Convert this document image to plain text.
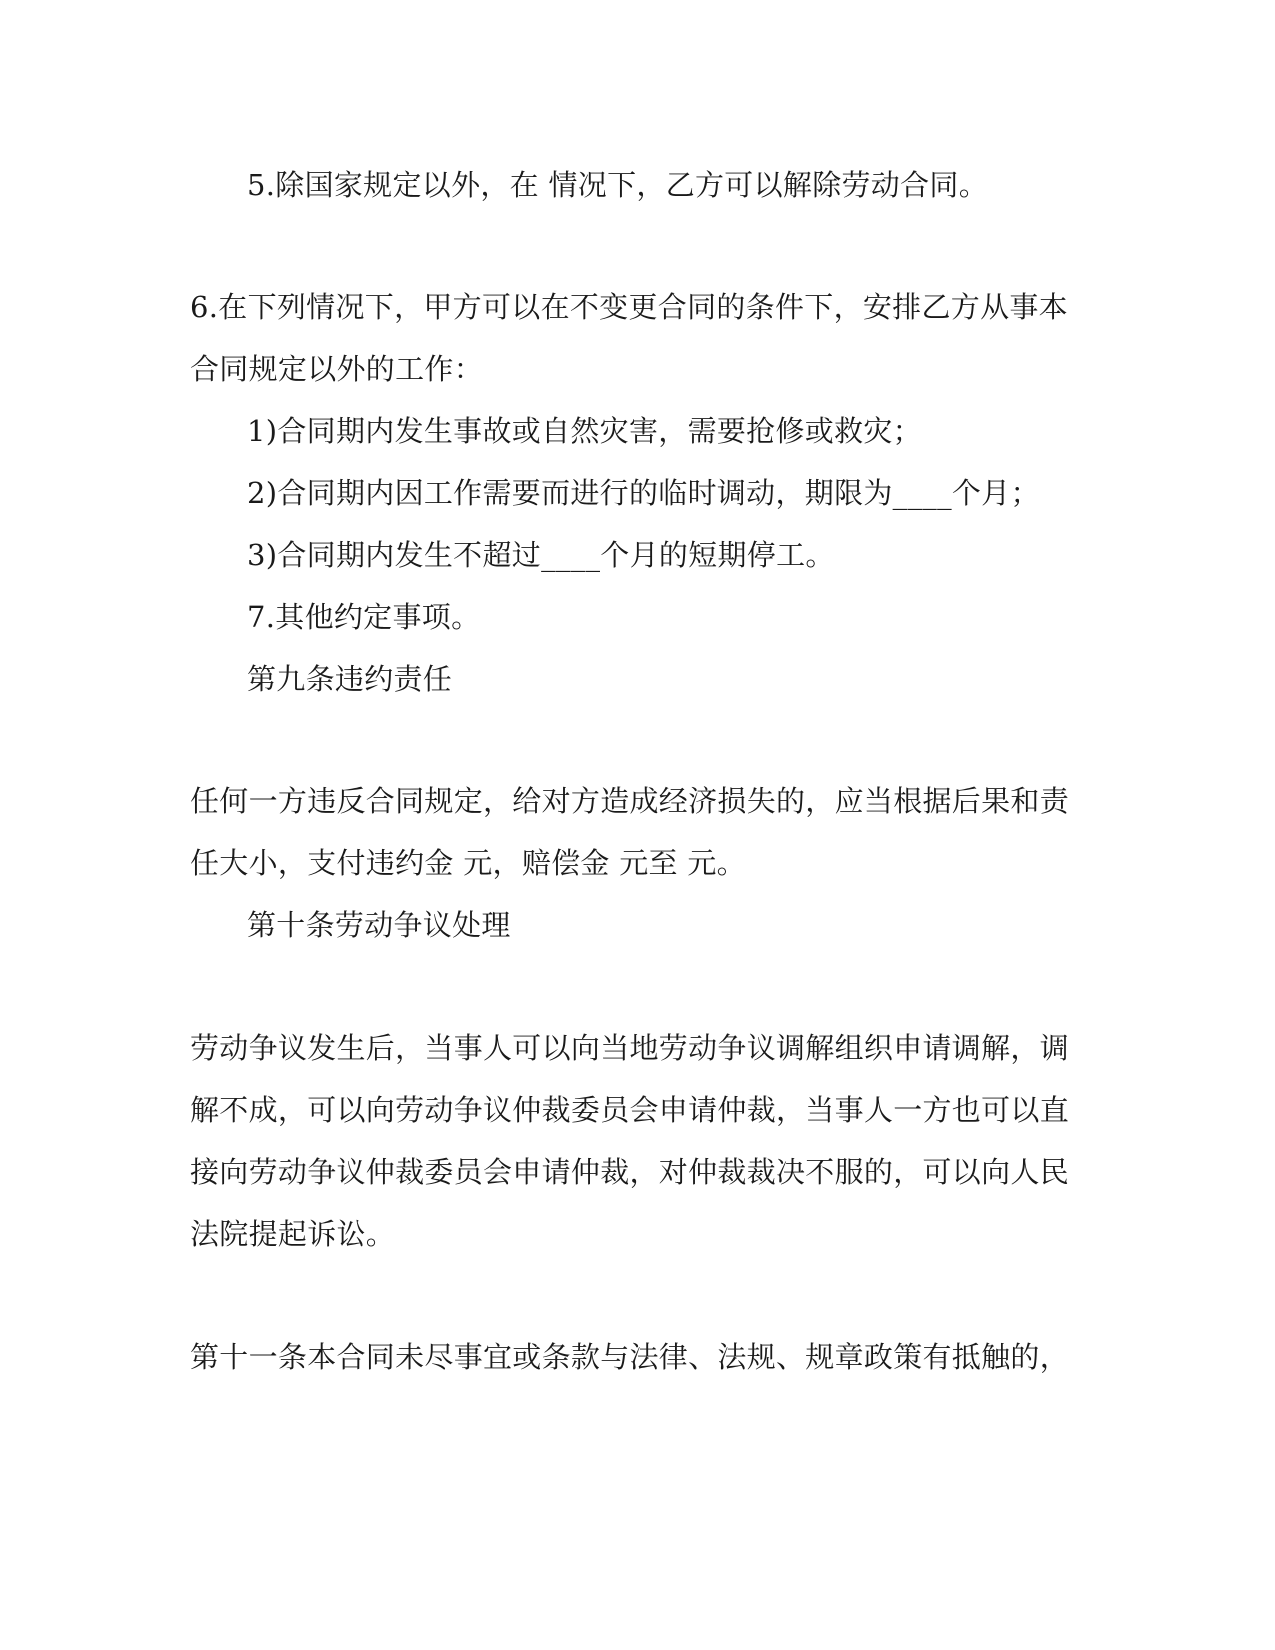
5.除国家规定以外，在 情况下，乙方可以解除劳动合同。

6.在下列情况下，甲方可以在不变更合同的条件下，安排乙方从事本

合同规定以外的工作：

1)合同期内发生事故或自然灾害，需要抢修或救灾；

2)合同期内因工作需要而进行的临时调动，期限为____个月；

3)合同期内发生不超过____个月的短期停工。

7.其他约定事项。

第九条违约责任

任何一方违反合同规定，给对方造成经济损失的，应当根据后果和责

任大小，支付违约金 元，赔偿金 元至 元。

第十条劳动争议处理

劳动争议发生后，当事人可以向当地劳动争议调解组织申请调解，调

解不成，可以向劳动争议仲裁委员会申请仲裁，当事人一方也可以直

接向劳动争议仲裁委员会申请仲裁，对仲裁裁决不服的，可以向人民

法院提起诉讼。

第十一条本合同未尽事宜或条款与法律、法规、规章政策有抵触的，
